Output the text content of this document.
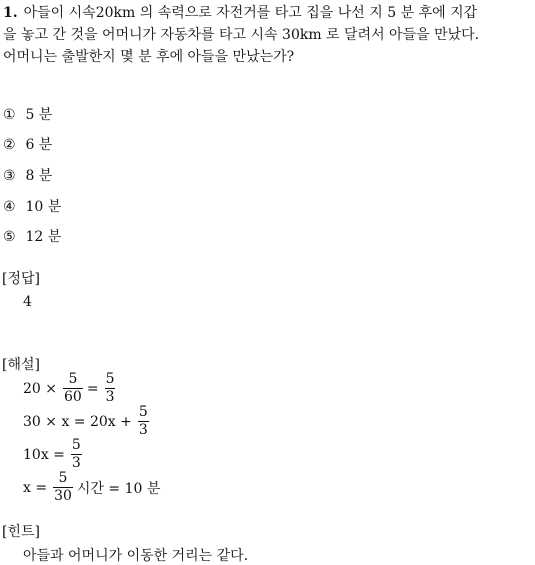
1. 아들이 시속20km 의 속력으로 자전거를 타고 집을 나선 지 5 분 후에 지갑
을 놓고 간 것을 어머니가 자동차를 타고 시속 30km 로 달려서 아들을 만났다.
어머니는 출발한지 몇 분 후에 아들을 만났는가?
① 5 분
② 6 분
③ 8 분
④ 10 분
⑤ 12 분
[정답]
4
[해설]
$20 \times \frac{5}{60} = \frac{5}{3}$
$30 \times x = 20x + \frac{5}{3}$
$10x = \frac{5}{3}$
$x = \frac{5}{30}$ 시간 = 10 분
[힌트]
아들과 어머니가 이동한 거리는 같다.
